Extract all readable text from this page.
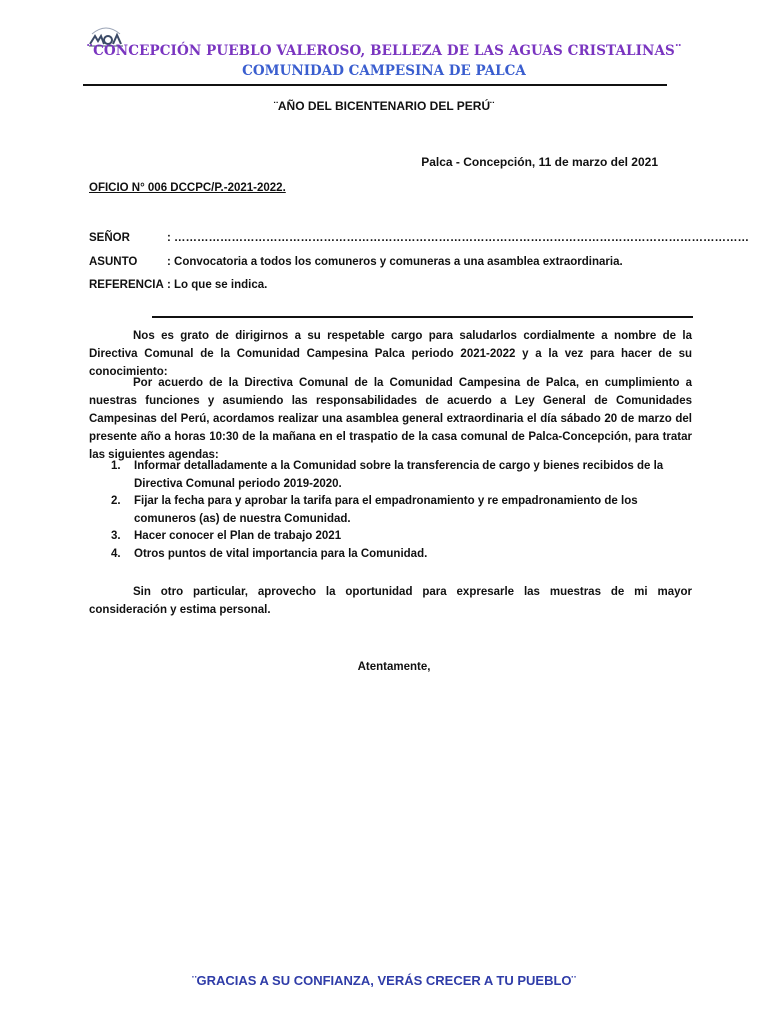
¨CONCEPCIÓN PUEBLO VALEROSO, BELLEZA DE LAS AGUAS CRISTALINAS¨
COMUNIDAD CAMPESINA DE PALCA
¨AÑO DEL BICENTENARIO DEL PERÚ¨
Palca - Concepción, 11 de marzo del 2021
OFICIO N° 006 DCCPC/P.-2021-2022.
SEÑOR	: ……………………………………………………………………………………………………………………………………
ASUNTO	: Convocatoria a todos los comuneros y comuneras a una asamblea extraordinaria.
REFERENCIA : Lo que se indica.

Nos es grato de dirigirnos a su respetable cargo para saludarlos cordialmente a nombre de la Directiva Comunal de la Comunidad Campesina Palca periodo 2021-2022 y a la vez para hacer de su conocimiento:

Por acuerdo de la Directiva Comunal de la Comunidad Campesina de Palca, en cumplimiento a nuestras funciones y asumiendo las responsabilidades de acuerdo a Ley General de Comunidades Campesinas del Perú, acordamos realizar una asamblea general extraordinaria el día sábado 20 de marzo del presente año a horas 10:30 de la mañana en el traspatio de la casa comunal de Palca-Concepción, para tratar las siguientes agendas:

1. Informar detalladamente a la Comunidad sobre la transferencia de cargo y bienes recibidos de la Directiva Comunal periodo 2019-2020.
2. Fijar la fecha para y aprobar la tarifa para el empadronamiento y re empadronamiento de los comuneros (as) de nuestra Comunidad.
3. Hacer conocer el Plan de trabajo 2021
4. Otros puntos de vital importancia para la Comunidad.

Sin otro particular, aprovecho la oportunidad para expresarle las muestras de mi mayor consideración y estima personal.

Atentamente,
¨GRACIAS A SU CONFIANZA, VERÁS CRECER A TU PUEBLO¨
